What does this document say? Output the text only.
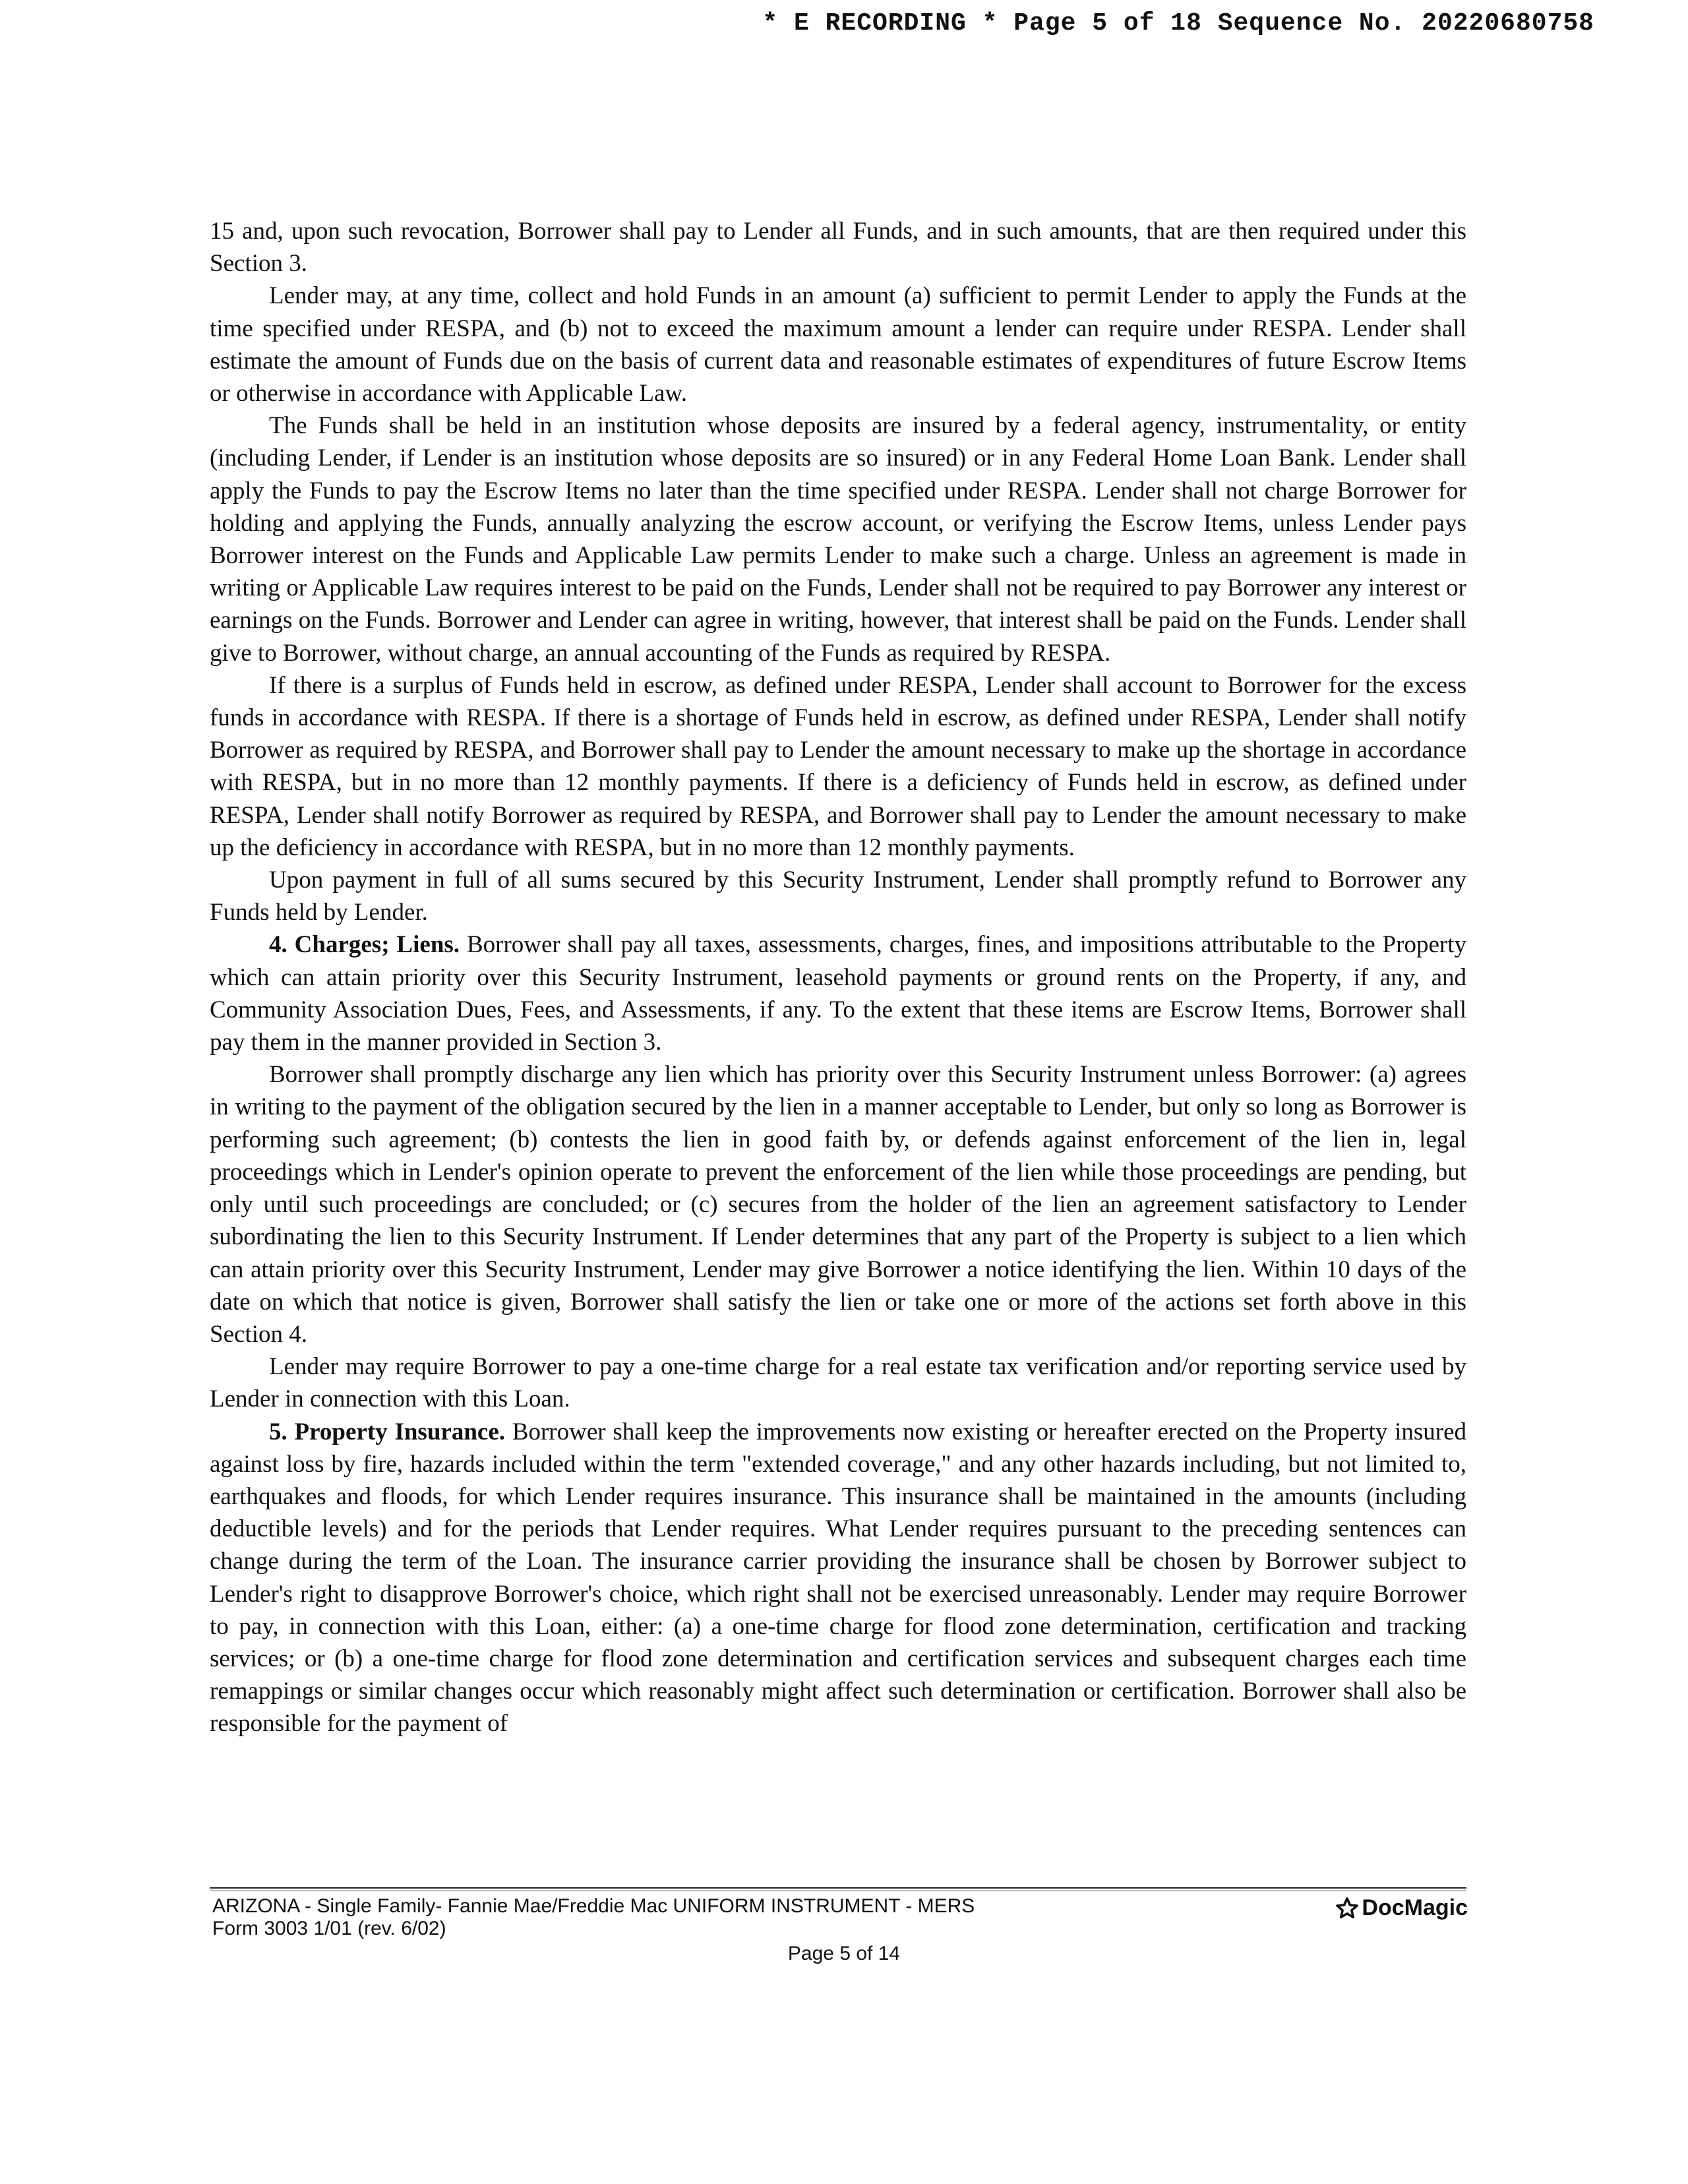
* E RECORDING * Page 5 of 18 Sequence No. 20220680758

15 and, upon such revocation, Borrower shall pay to Lender all Funds, and in such amounts, that are then required under this Section 3.

Lender may, at any time, collect and hold Funds in an amount (a) sufficient to permit Lender to apply the Funds at the time specified under RESPA, and (b) not to exceed the maximum amount a lender can require under RESPA. Lender shall estimate the amount of Funds due on the basis of current data and reasonable estimates of expenditures of future Escrow Items or otherwise in accordance with Applicable Law.

The Funds shall be held in an institution whose deposits are insured by a federal agency, instrumentality, or entity (including Lender, if Lender is an institution whose deposits are so insured) or in any Federal Home Loan Bank. Lender shall apply the Funds to pay the Escrow Items no later than the time specified under RESPA. Lender shall not charge Borrower for holding and applying the Funds, annually analyzing the escrow account, or verifying the Escrow Items, unless Lender pays Borrower interest on the Funds and Applicable Law permits Lender to make such a charge. Unless an agreement is made in writing or Applicable Law requires interest to be paid on the Funds, Lender shall not be required to pay Borrower any interest or earnings on the Funds. Borrower and Lender can agree in writing, however, that interest shall be paid on the Funds. Lender shall give to Borrower, without charge, an annual accounting of the Funds as required by RESPA.

If there is a surplus of Funds held in escrow, as defined under RESPA, Lender shall account to Borrower for the excess funds in accordance with RESPA. If there is a shortage of Funds held in escrow, as defined under RESPA, Lender shall notify Borrower as required by RESPA, and Borrower shall pay to Lender the amount necessary to make up the shortage in accordance with RESPA, but in no more than 12 monthly payments. If there is a deficiency of Funds held in escrow, as defined under RESPA, Lender shall notify Borrower as required by RESPA, and Borrower shall pay to Lender the amount necessary to make up the deficiency in accordance with RESPA, but in no more than 12 monthly payments.

Upon payment in full of all sums secured by this Security Instrument, Lender shall promptly refund to Borrower any Funds held by Lender.

4. Charges; Liens. Borrower shall pay all taxes, assessments, charges, fines, and impositions attributable to the Property which can attain priority over this Security Instrument, leasehold payments or ground rents on the Property, if any, and Community Association Dues, Fees, and Assessments, if any. To the extent that these items are Escrow Items, Borrower shall pay them in the manner provided in Section 3.

Borrower shall promptly discharge any lien which has priority over this Security Instrument unless Borrower: (a) agrees in writing to the payment of the obligation secured by the lien in a manner acceptable to Lender, but only so long as Borrower is performing such agreement; (b) contests the lien in good faith by, or defends against enforcement of the lien in, legal proceedings which in Lender's opinion operate to prevent the enforcement of the lien while those proceedings are pending, but only until such proceedings are concluded; or (c) secures from the holder of the lien an agreement satisfactory to Lender subordinating the lien to this Security Instrument. If Lender determines that any part of the Property is subject to a lien which can attain priority over this Security Instrument, Lender may give Borrower a notice identifying the lien. Within 10 days of the date on which that notice is given, Borrower shall satisfy the lien or take one or more of the actions set forth above in this Section 4.

Lender may require Borrower to pay a one-time charge for a real estate tax verification and/or reporting service used by Lender in connection with this Loan.

5. Property Insurance. Borrower shall keep the improvements now existing or hereafter erected on the Property insured against loss by fire, hazards included within the term "extended coverage," and any other hazards including, but not limited to, earthquakes and floods, for which Lender requires insurance. This insurance shall be maintained in the amounts (including deductible levels) and for the periods that Lender requires. What Lender requires pursuant to the preceding sentences can change during the term of the Loan. The insurance carrier providing the insurance shall be chosen by Borrower subject to Lender's right to disapprove Borrower's choice, which right shall not be exercised unreasonably. Lender may require Borrower to pay, in connection with this Loan, either: (a) a one-time charge for flood zone determination, certification and tracking services; or (b) a one-time charge for flood zone determination and certification services and subsequent charges each time remappings or similar changes occur which reasonably might affect such determination or certification. Borrower shall also be responsible for the payment of

ARIZONA - Single Family- Fannie Mae/Freddie Mac UNIFORM INSTRUMENT - MERS
Form 3003 1/01 (rev. 6/02)
DocMagic
Page 5 of 14
